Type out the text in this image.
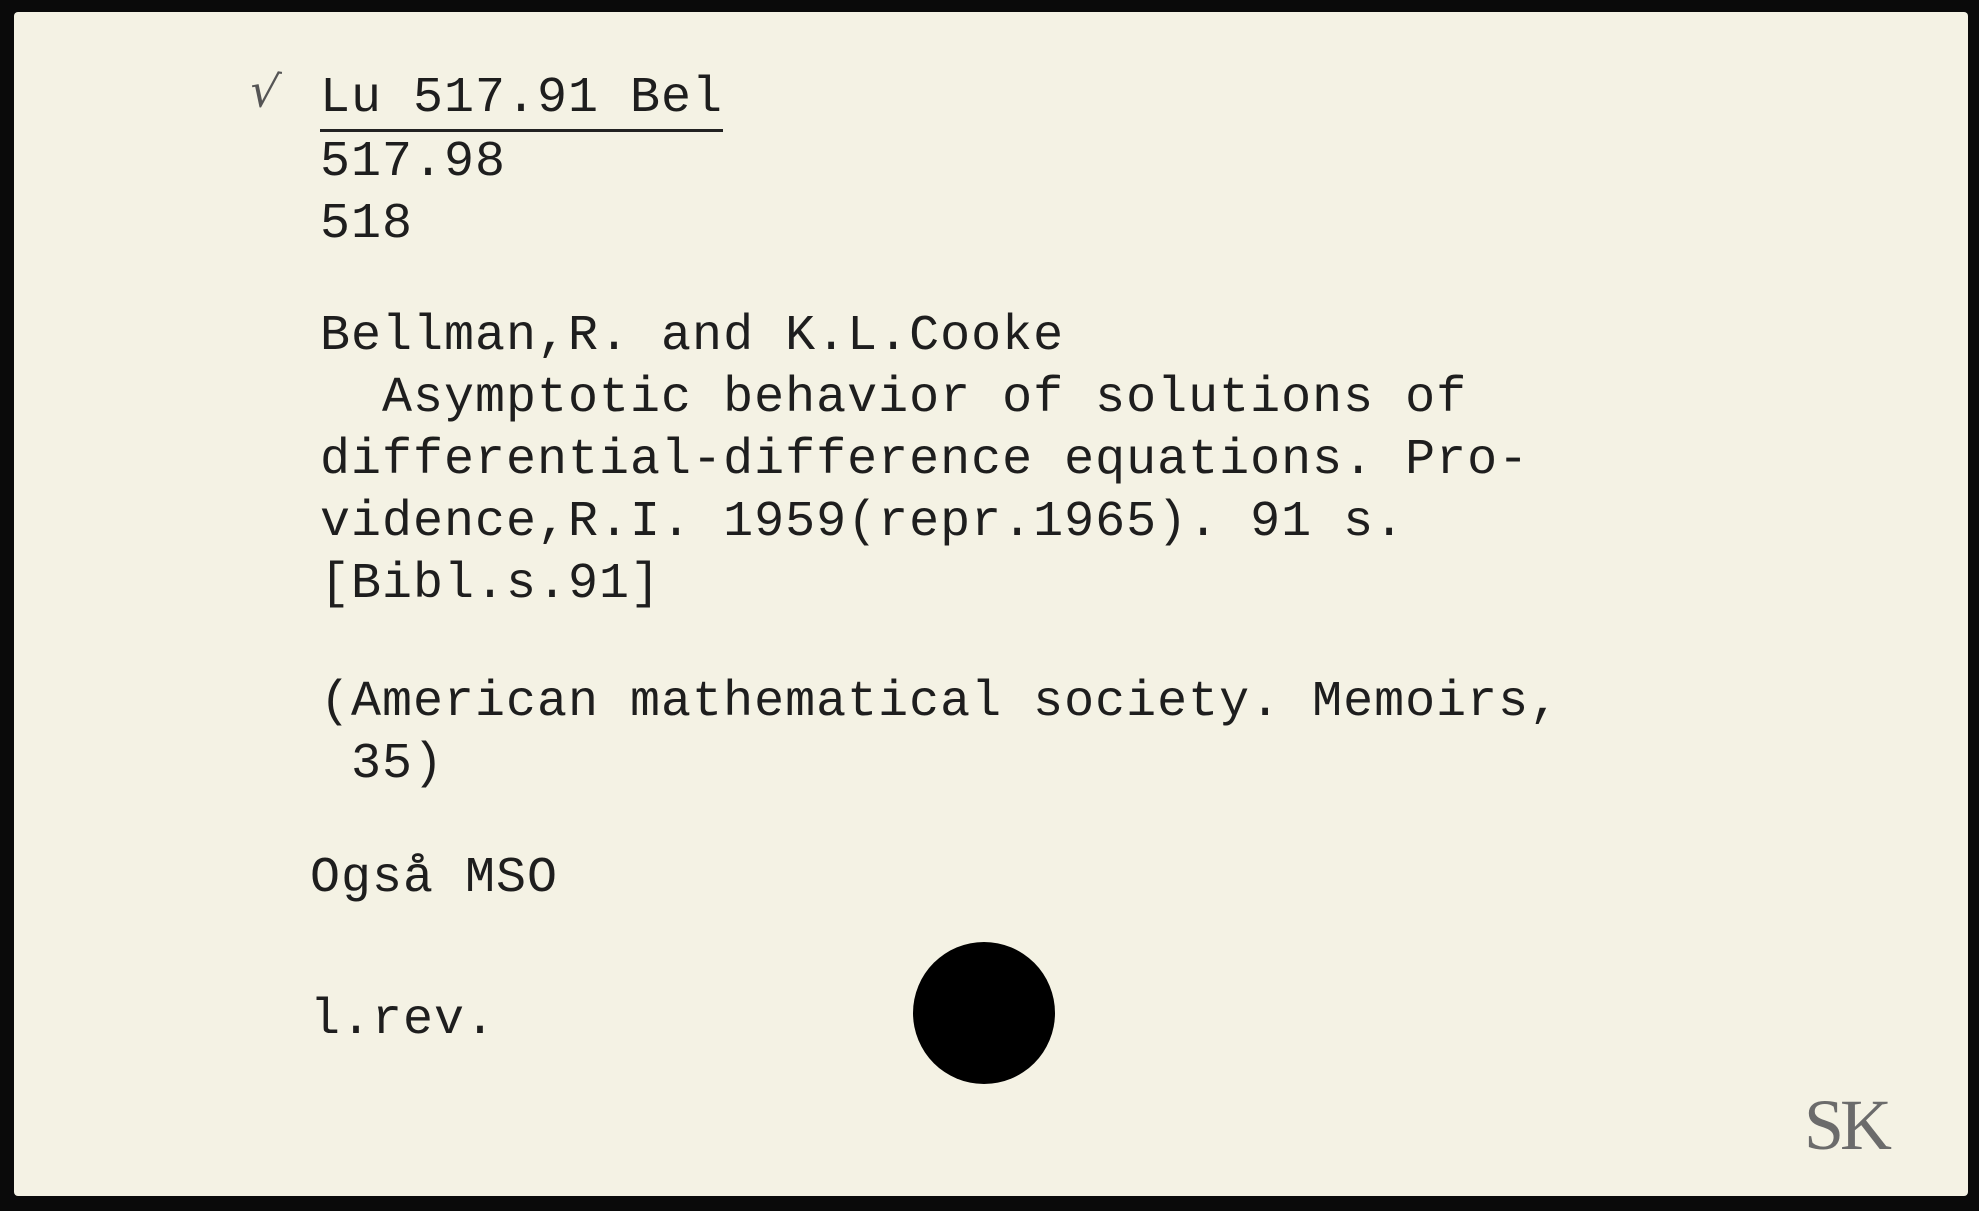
√ Lu 517.91 Bel
517.98
518
Bellman,R. and K.L.Cooke
Asymptotic behavior of solutions of
differential-difference equations. Pro-
vidence,R.I. 1959(repr.1965). 91 s.
[Bibl.s.91]
(American mathematical society. Memoirs,
35)
Også MSO
l.rev.
SK
